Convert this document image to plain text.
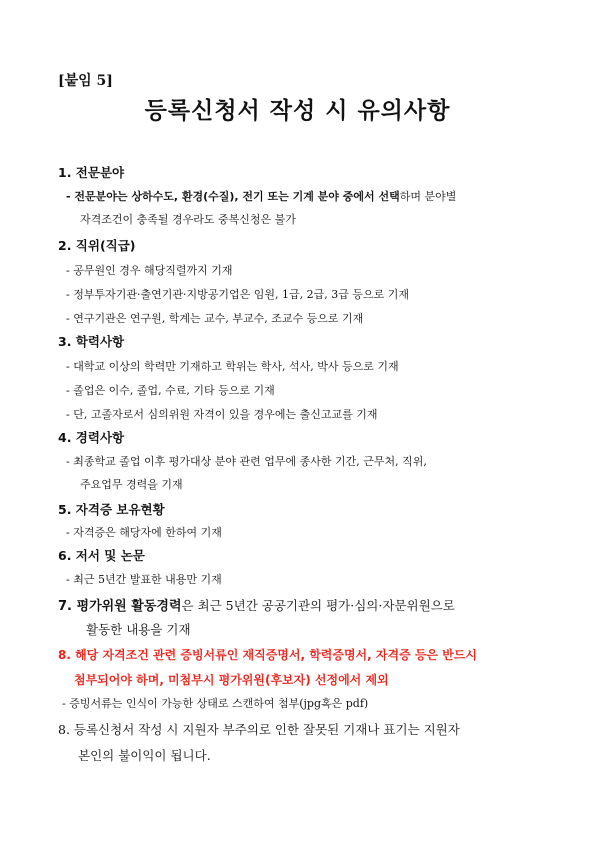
[붙임 5]
등록신청서 작성 시 유의사항
1. 전문분야
- 전문분야는 상하수도, 환경(수질), 전기 또는 기계 분야 중에서 선택하며 분야별
자격조건이 충족될 경우라도 중복신청은 불가
2. 직위(직급)
- 공무원인 경우 해당직렬까지 기재
- 정부투자기관·출연기관·지방공기업은 임원, 1급, 2급, 3급 등으로 기재
- 연구기관은 연구원, 학계는 교수, 부교수, 조교수 등으로 기재
3. 학력사항
- 대학교 이상의 학력만 기재하고 학위는 학사, 석사, 박사 등으로 기재
- 졸업은 이수, 졸업, 수료, 기타 등으로 기재
- 단, 고졸자로서 심의위원 자격이 있을 경우에는 출신고교를 기재
4. 경력사항
- 최종학교 졸업 이후 평가대상 분야 관련 업무에 종사한 기간, 근무처, 직위,
주요업무 경력을 기재
5. 자격증 보유현황
- 자격증은 해당자에 한하여 기재
6. 저서 및 논문
- 최근 5년간 발표한 내용만 기재
7. 평가위원 활동경력은 최근 5년간 공공기관의 평가·심의·자문위원으로
활동한 내용을 기재
8. 해당 자격조건 관련 증빙서류인 재직증명서, 학력증명서, 자격증 등은 반드시
첨부되어야 하며, 미첨부시 평가위원(후보자) 선정에서 제외
- 증빙서류는 인식이 가능한 상태로 스캔하여 첨부(jpg혹은 pdf)
8. 등록신청서 작성 시 지원자 부주의로 인한 잘못된 기재나 표기는 지원자
본인의 불이익이 됩니다.
